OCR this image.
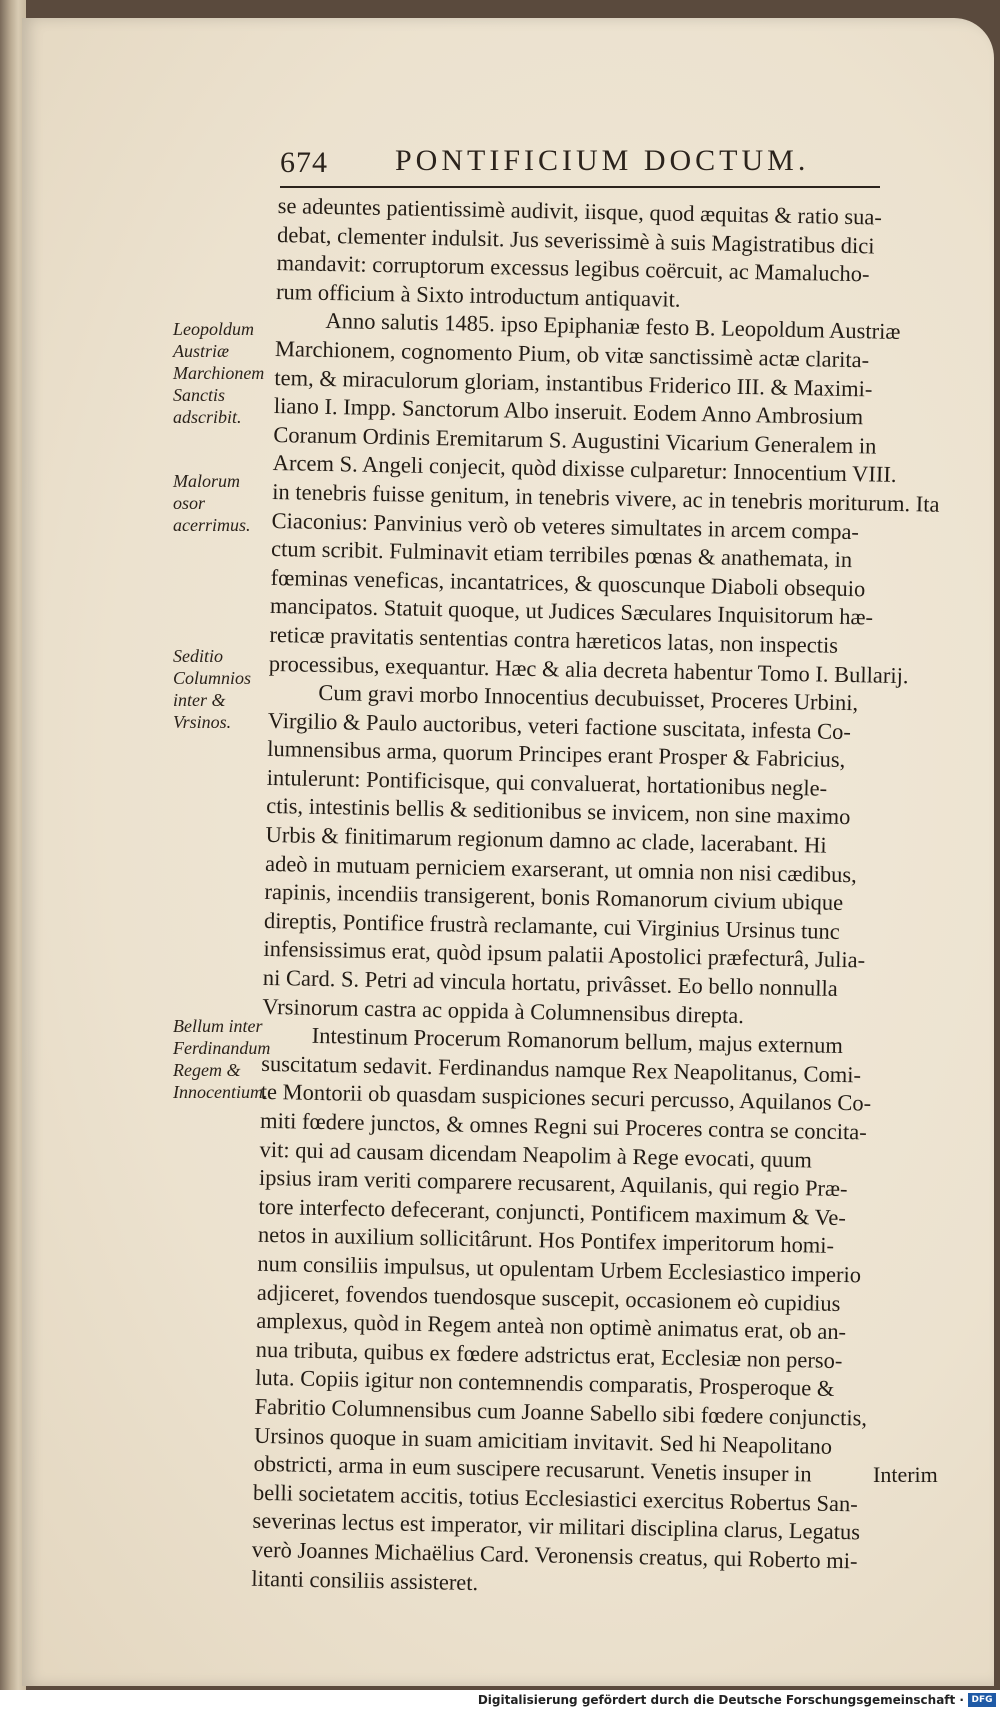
674 PONTIFICIUM DOCTUM.
Leopoldum Austriæ Marchionem Sanctis adscribit.
Malorum osor acerrimus.
Seditio Columnios inter & Vrsinos.
Bellum inter Ferdinandum Regem & Innocentium.
se adeuntes patientissimè audivit, iisque, quod æquitas & ratio sua-
debat, clementer indulsit. Jus severissimè à suis Magistratibus dici
mandavit: corruptorum excessus legibus coërcuit, ac Mamalucho-
rum officium à Sixto introductum antiquavit.
Anno salutis 1485. ipso Epiphaniæ festo B. Leopoldum Austriæ
Marchionem, cognomento Pium, ob vitæ sanctissimè actæ clarita-
tem, & miraculorum gloriam, instantibus Friderico III. & Maximi-
liano I. Impp. Sanctorum Albo inseruit. Eodem Anno Ambrosium
Coranum Ordinis Eremitarum S. Augustini Vicarium Generalem in
Arcem S. Angeli conjecit, quòd dixisse culparetur: Innocentium VIII.
in tenebris fuisse genitum, in tenebris vivere, ac in tenebris moriturum. Ita
Ciaconius: Panvinius verò ob veteres simultates in arcem compa-
ctum scribit. Fulminavit etiam terribiles pœnas & anathemata, in
fœminas veneficas, incantatrices, & quoscunque Diaboli obsequio
mancipatos. Statuit quoque, ut Judices Sæculares Inquisitorum hæ-
reticæ pravitatis sententias contra hæreticos latas, non inspectis
processibus, exequantur. Hæc & alia decreta habentur Tomo I. Bullarij.
Cum gravi morbo Innocentius decubuisset, Proceres Urbini,
Virgilio & Paulo auctoribus, veteri factione suscitata, infesta Co-
lumnensibus arma, quorum Principes erant Prosper & Fabricius,
intulerunt: Pontificisque, qui convaluerat, hortationibus negle-
ctis, intestinis bellis & seditionibus se invicem, non sine maximo
Urbis & finitimarum regionum damno ac clade, lacerabant. Hi
adeò in mutuam perniciem exarserant, ut omnia non nisi cædibus,
rapinis, incendiis transigerent, bonis Romanorum civium ubique
direptis, Pontifice frustrà reclamante, cui Virginius Ursinus tunc
infensissimus erat, quòd ipsum palatii Apostolici præfecturâ, Julia-
ni Card. S. Petri ad vincula hortatu, privâsset. Eo bello nonnulla
Vrsinorum castra ac oppida à Columnensibus direpta.
Intestinum Procerum Romanorum bellum, majus externum
suscitatum sedavit. Ferdinandus namque Rex Neapolitanus, Comi-
te Montorii ob quasdam suspiciones securi percusso, Aquilanos Co-
miti fœdere junctos, & omnes Regni sui Proceres contra se concita-
vit: qui ad causam dicendam Neapolim à Rege evocati, quum
ipsius iram veriti comparere recusarent, Aquilanis, qui regio Præ-
tore interfecto defecerant, conjuncti, Pontificem maximum & Ve-
netos in auxilium sollicitârunt. Hos Pontifex imperitorum homi-
num consiliis impulsus, ut opulentam Urbem Ecclesiastico imperio
adjiceret, fovendos tuendosque suscepit, occasionem eò cupidius
amplexus, quòd in Regem anteà non optimè animatus erat, ob an-
nua tributa, quibus ex fœdere adstrictus erat, Ecclesiæ non perso-
luta. Copiis igitur non contemnendis comparatis, Prosperoque &
Fabritio Columnensibus cum Joanne Sabello sibi fœdere conjunctis,
Ursinos quoque in suam amicitiam invitavit. Sed hi Neapolitano
obstricti, arma in eum suscipere recusarunt. Venetis insuper in
belli societatem accitis, totius Ecclesiastici exercitus Robertus San-
severinas lectus est imperator, vir militari disciplina clarus, Legatus
verò Joannes Michaëlius Card. Veronensis creatus, qui Roberto mi-
litanti consiliis assisteret.
Interim
Digitalisierung gefördert durch die Deutsche Forschungsgemeinschaft · DFG
